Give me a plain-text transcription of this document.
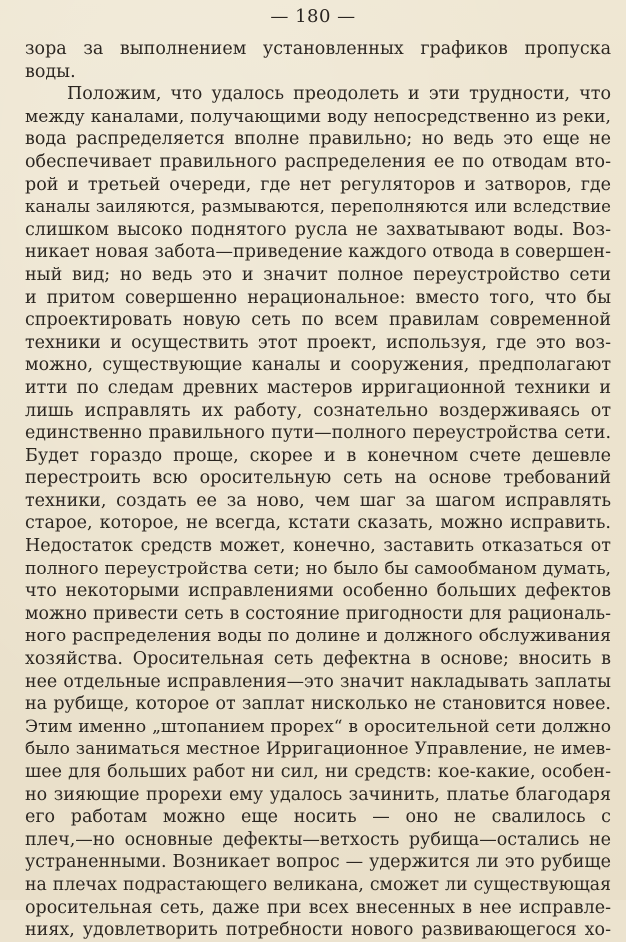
— 180 —
зора за выполнением установленных графиков пропуска
воды.
Положим, что удалось преодолеть и эти трудности, что
между каналами, получающими воду непосредственно из реки,
вода распределяется вполне правильно; но ведь это еще не
обеспечивает правильного распределения ее по отводам вто-
рой и третьей очереди, где нет регуляторов и затворов, где
каналы заиляются, размываются, переполняются или вследствие
слишком высоко поднятого русла не захватывают воды. Воз-
никает новая забота—приведение каждого отвода в совершен-
ный вид; но ведь это и значит полное переустройство сети
и притом совершенно нерациональное: вместо того, что бы
спроектировать новую сеть по всем правилам современной
техники и осуществить этот проект, используя, где это воз-
можно, существующие каналы и сооружения, предполагают
итти по следам древних мастеров ирригационной техники и
лишь исправлять их работу, сознательно воздерживаясь от
единственно правильного пути—полного переустройства сети.
Будет гораздо проще, скорее и в конечном счете дешевле
перестроить всю оросительную сеть на основе требований
техники, создать ее за ново, чем шаг за шагом исправлять
старое, которое, не всегда, кстати сказать, можно исправить.
Недостаток средств может, конечно, заставить отказаться от
полного переустройства сети; но было бы самообманом думать,
что некоторыми исправлениями особенно больших дефектов
можно привести сеть в состояние пригодности для рациональ-
ного распределения воды по долине и должного обслуживания
хозяйства. Оросительная сеть дефектна в основе; вносить в
нее отдельные исправления—это значит накладывать заплаты
на рубище, которое от заплат нисколько не становится новее.
Этим именно „штопанием прорех“ в оросительной сети должно
было заниматься местное Ирригационное Управление, не имев-
шее для больших работ ни сил, ни средств: кое-какие, особен-
но зияющие прорехи ему удалось зачинить, платье благодаря
его работам можно еще носить — оно не свалилось с
плеч,—но основные дефекты—ветхость рубища—остались не
устраненными. Возникает вопрос — удержится ли это рубище
на плечах подрастающего великана, сможет ли существующая
оросительная сеть, даже при всех внесенных в нее исправле-
ниях, удовлетворить потребности нового развивающегося хо-
